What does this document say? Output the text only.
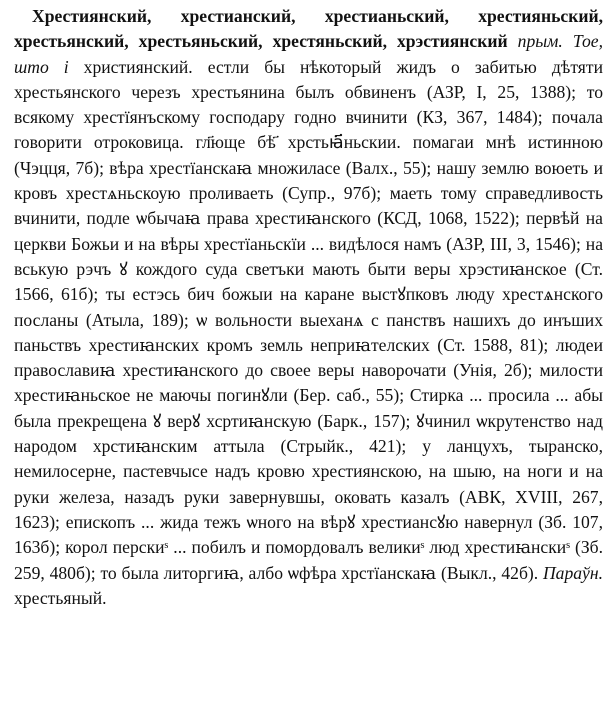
Хрестиянский, хрестианский, хрестианьский, хрестияньский, хрестьянский, хрестьяньский, хрестяньский, хрэстиянский прым. Тое, што і християнский. естли бы нѣкоторый жидъ о забитью дѣтяти хрестьянского черезъ хрестьянина былъ обвиненъ (АЗР, І, 25, 1388); то всякому хрестїянъскому господару годно вчинити (КЗ, 367, 1484); почала говорити отроковица. гл҃юще бѣ҃ хрстьꙗ҃ньскии. помагаи мнѣ истинною (Чэцця, 7б); вѣра хрестїанскаꙗ множиласе (Валх., 55); нашу землю воюеть и кровъ хрестѧньскоую проливаеть (Супр., 97б); маеть тому справедливость вчинити, подле ѡбычаꙗ права хрестиꙗнского (КСД, 1068, 1522); первѣй на церкви Божьи и на вѣры хрестїаньскїи ... видѣлося намъ (АЗР, ІІІ, 3, 1546); на вськую рэчъ ꙋ кождого суда светъки мають быти веры хрэстиꙗнское (Ст. 1566, 61б); ты естэсь бич божыи на каране выстꙋпковъ люду хрестѧнского посланы (Атыла, 189); ѡ вольности выеханѧ с панствъ нашихъ до инъших паньствъ хрестиꙗнских кромъ земль неприꙗтелских (Ст. 1588, 81); людеи православиꙗ хрестиꙗнского до своее веры наворочати (Унія, 2б); милости хрестиꙗньское не маючы погинꙋли (Бер. саб., 55); Стирка ... просила ... абы была прекрещена ꙋ верꙋ хсртиꙗнскую (Барк., 157); ꙋчинил ѡкрутенство над народом хрстиꙗнским аттыла (Стрыйк., 421); у ланцухъ, тыранско, немилосерне, пастевчысе надъ кровю хрестиянскою, на шыю, на ноги и на руки железа, назадъ руки завернувшы, оковать казалъ (АВК, XVIII, 267, 1623); епископъ ... жида тежъ ѡного на вѣрꙋ хрестиансꙋю навернул (Зб. 107, 163б); корол перскиˢ ... побилъ и помордовалъ великиˢ люд хрестиꙗнскиˢ (Зб. 259, 480б); то была литоргиꙗ, албо ѡфѣра хрстїанскаꙗ (Выкл., 42б). Параўн. хрестьяный.
